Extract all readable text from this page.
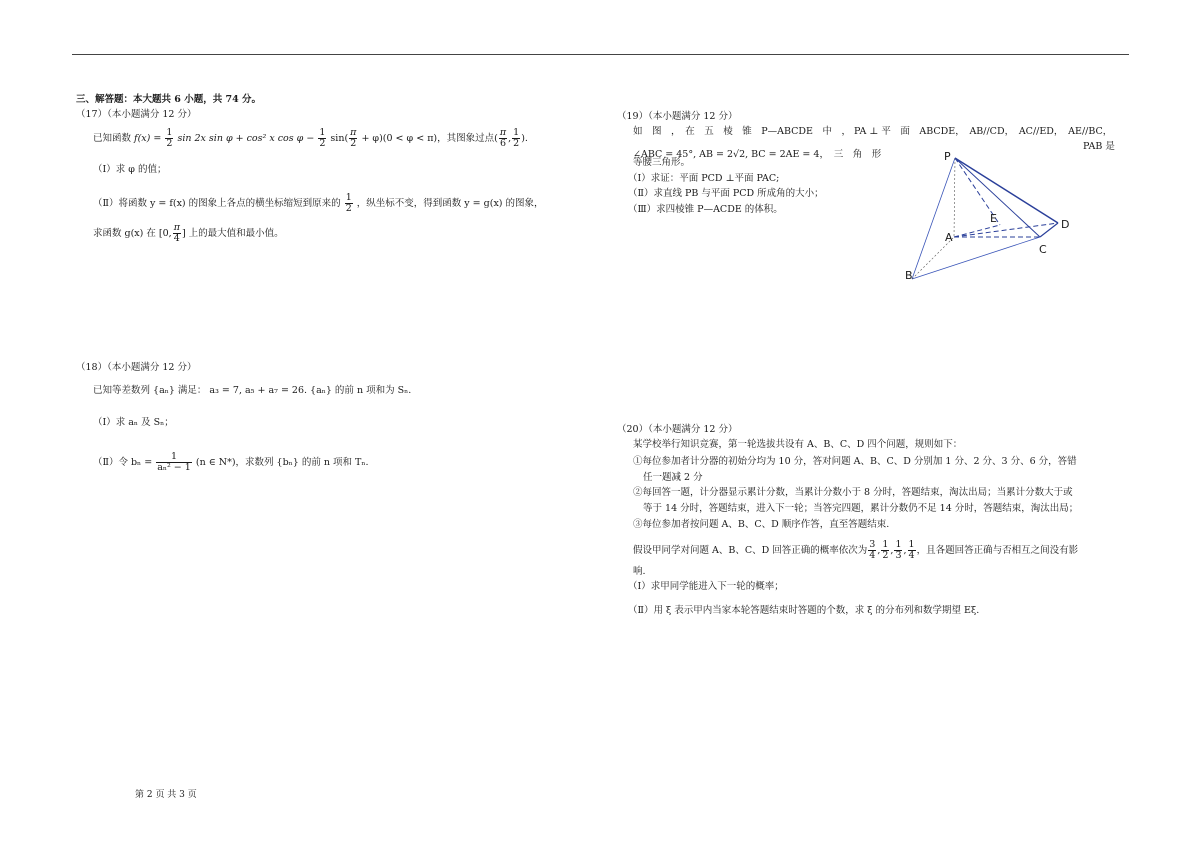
三、解答题：本大题共 6 小题，共 74 分。
（17）（本小题满分 12 分）
已知函数 $f(x) = \frac{1}{2}$ sin 2x sin φ + cos² x $\cos \varphi - \frac{1}{2} \sin( \frac{\pi}{2} + \varphi)(0 < \varphi < \pi)$，其图象过点( $\frac{\pi}{6}$ , $\frac{1}{2}$ ).
（Ⅰ）求 φ 的值；
（Ⅱ）将函数 y = f(x) 的图象上各点的横坐标缩短到原来的 $\frac{1}{2}$ ，纵坐标不变，得到函数 y = g(x) 的图象，
求函数 g(x) 在 [0, $\frac{\pi}{4}$ ] 上的最大值和最小值。
（18）（本小题满分 12 分）
已知等差数列 {aₙ} 满足： a₃ = 7, a₅ + a₇ = 26. {aₙ} 的前 n 项和为 Sₙ.
（Ⅰ）求 aₙ 及 Sₙ；
（Ⅱ）令 $b_n = \frac{1}{\text{aₙ² − 1}} (n$ ∈ N*)，求数列 {bₙ} 的前 n 项和 Tₙ.
（19）（本小题满分 12 分）
如　图　，　在　五　棱　锥　P—ABCDE　中　， PA ⊥ 平　面　ABCDE，　AB//CD，　AC//ED，　AE//BC，
∠ABC = 45°, AB = 2√2, BC = 2AE = 4，　三　角　形
PAB 是
等腰三角形。
（Ⅰ）求证：平面 PCD ⊥平面 PAC;
（Ⅱ）求直线 PB 与平面 PCD 所成角的大小；
（Ⅲ）求四棱锥 P—ACDE 的体积。
P
E
A
D
C
B
（20）（本小题满分 12 分）
某学校举行知识竞赛，第一轮选拔共设有 A、B、C、D 四个问题，规则如下：
①每位参加者计分器的初始分均为 10 分，答对问题 A、B、C、D 分别加 1 分、2 分、3 分、6 分，答错
任一题减 2 分
②每回答一题，计分器显示累计分数，当累计分数小于 8 分时，答题结束，淘汰出局；当累计分数大于或
等于 14 分时，答题结束，进入下一轮；当答完四题，累计分数仍不足 14 分时，答题结束，淘汰出局；
③每位参加者按问题 A、B、C、D 顺序作答，直至答题结束.
假设甲同学对问题 A、B、C、D 回答正确的概率依次为 $\frac{3}{4}$ , $\frac{1}{2}$ , $\frac{1}{3}$ , $\frac{1}{4}$ ，且各题回答正确与否相互之间没有影
响.
（Ⅰ）求甲同学能进入下一轮的概率；
（Ⅱ）用 ξ 表示甲内当家本轮答题结束时答题的个数，求 ξ 的分布列和数学期望 Eξ.
第 2 页 共 3 页
